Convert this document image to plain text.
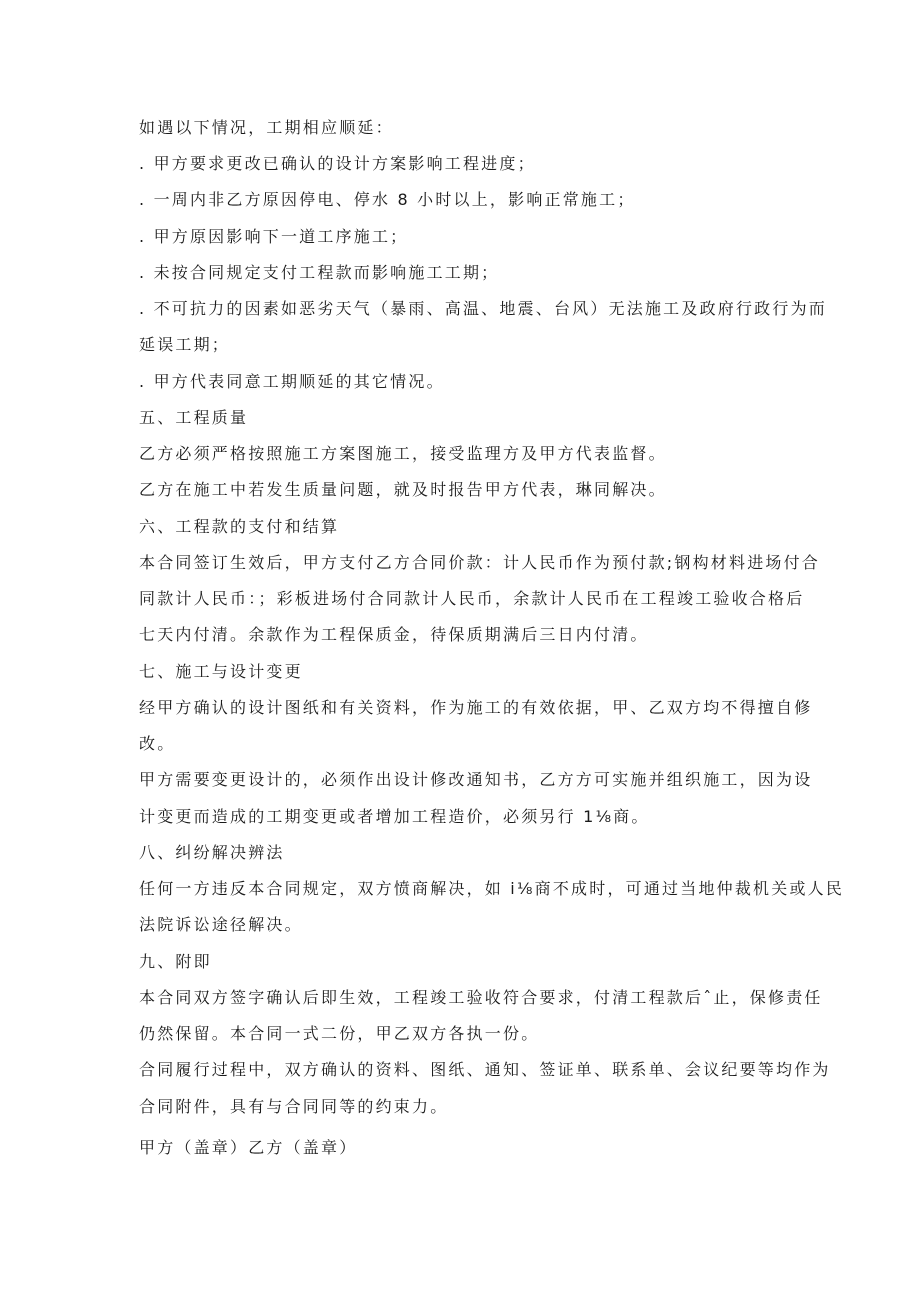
如遇以下情况，工期相应顺延：

. 甲方要求更改已确认的设计方案影响工程进度；

. 一周内非乙方原因停电、停水 8 小时以上，影响正常施工；

. 甲方原因影响下一道工序施工；

. 未按合同规定支付工程款而影响施工工期；

. 不可抗力的因素如恶劣天气（暴雨、高温、地震、台风）无法施工及政府行政行为而

延误工期；

. 甲方代表同意工期顺延的其它情况。

五、工程质量

乙方必须严格按照施工方案图施工，接受监理方及甲方代表监督。

乙方在施工中若发生质量问题，就及时报告甲方代表，琳同解决。

六、工程款的支付和结算

本合同签订生效后，甲方支付乙方合同价款：计人民币作为预付款;钢构材料进场付合

同款计人民币：；彩板进场付合同款计人民币，余款计人民币在工程竣工验收合格后

七天内付清。余款作为工程保质金，待保质期满后三日内付清。

七、施工与设计变更

经甲方确认的设计图纸和有关资料，作为施工的有效依据，甲、乙双方均不得擅自修

改。

甲方需要变更设计的，必须作出设计修改通知书，乙方方可实施并组织施工，因为设

计变更而造成的工期变更或者增加工程造价，必须另行 1⅛商。

八、纠纷解决辨法

任何一方违反本合同规定，双方愤商解决，如 i⅛商不成时，可通过当地仲裁机关或人民

法院诉讼途径解决。

九、附即

本合同双方签字确认后即生效，工程竣工验收符合要求，付清工程款后ˆ止，保修责任

仍然保留。本合同一式二份，甲乙双方各执一份。

合同履行过程中，双方确认的资料、图纸、通知、签证单、联系单、会议纪要等均作为

合同附件，具有与合同同等的约束力。

甲方（盖章）乙方（盖章）
